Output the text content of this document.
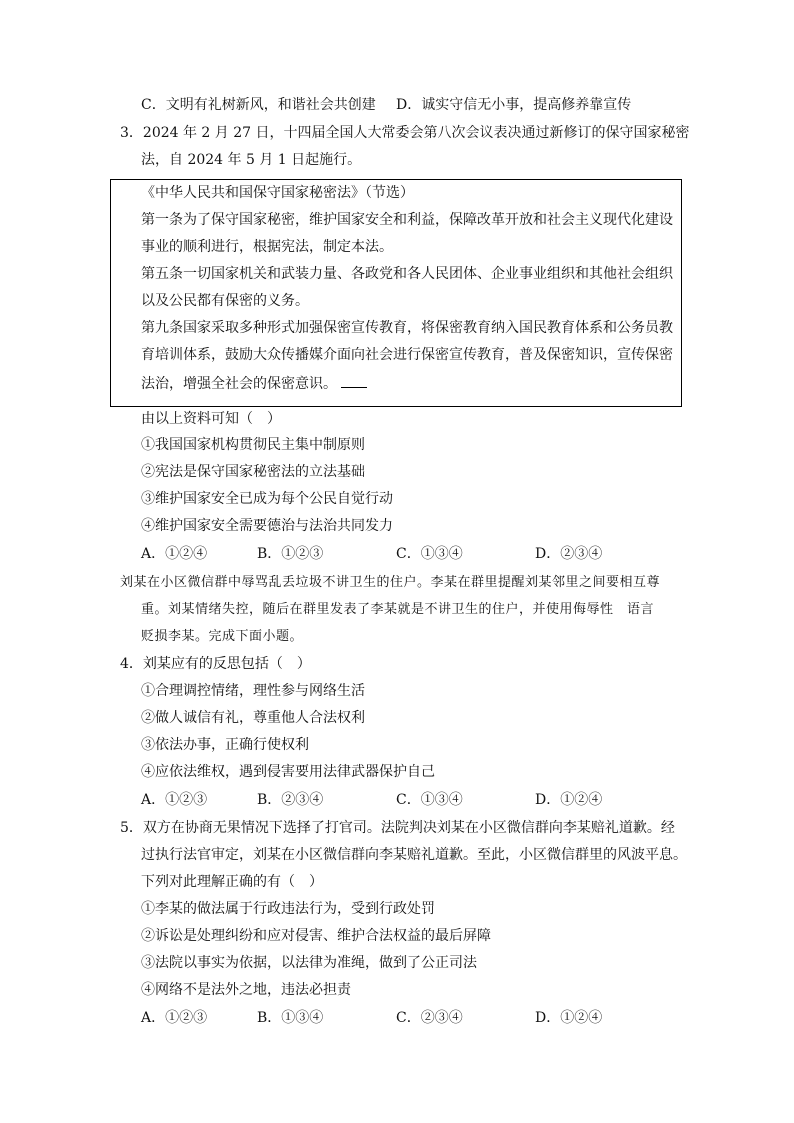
C．文明有礼树新风，和谐社会共创建 D．诚实守信无小事，提高修养靠宣传
3．2024 年 2 月 27 日，十四届全国人大常委会第八次会议表决通过新修订的保守国家秘密
法，自 2024 年 5 月 1 日起施行。
《中华人民共和国保守国家秘密法》（节选）
第一条为了保守国家秘密，维护国家安全和利益，保障改革开放和社会主义现代化建设
事业的顺利进行，根据宪法，制定本法。
第五条一切国家机关和武装力量、各政党和各人民团体、企业事业组织和其他社会组织
以及公民都有保密的义务。
第九条国家采取多种形式加强保密宣传教育，将保密教育纳入国民教育体系和公务员教
育培训体系，鼓励大众传播媒介面向社会进行保密宣传教育，普及保密知识，宣传保密
法治，增强全社会的保密意识。
由以上资料可知（　）
①我国国家机构贯彻民主集中制原则
②宪法是保守国家秘密法的立法基础
③维护国家安全已成为每个公民自觉行动
④维护国家安全需要德治与法治共同发力
A．①②④	B．①②③	C．①③④	D．②③④
刘某在小区微信群中辱骂乱丢垃圾不讲卫生的住户。李某在群里提醒刘某邻里之间要相互尊
重。刘某情绪失控，随后在群里发表了李某就是不讲卫生的住户，并使用侮辱性　语言
贬损李某。完成下面小题。
4．刘某应有的反思包括（　）
①合理调控情绪，理性参与网络生活
②做人诚信有礼，尊重他人合法权利
③依法办事，正确行使权利
④应依法维权，遇到侵害要用法律武器保护自己
A．①②③	B．②③④	C．①③④	D．①②④
5．双方在协商无果情况下选择了打官司。法院判决刘某在小区微信群向李某赔礼道歉。经
过执行法官审定，刘某在小区微信群向李某赔礼道歉。至此，小区微信群里的风波平息。
下列对此理解正确的有（　）
①李某的做法属于行政违法行为，受到行政处罚
②诉讼是处理纠纷和应对侵害、维护合法权益的最后屏障
③法院以事实为依据，以法律为准绳，做到了公正司法
④网络不是法外之地，违法必担责
A．①②③	B．①③④	C．②③④	D．①②④
